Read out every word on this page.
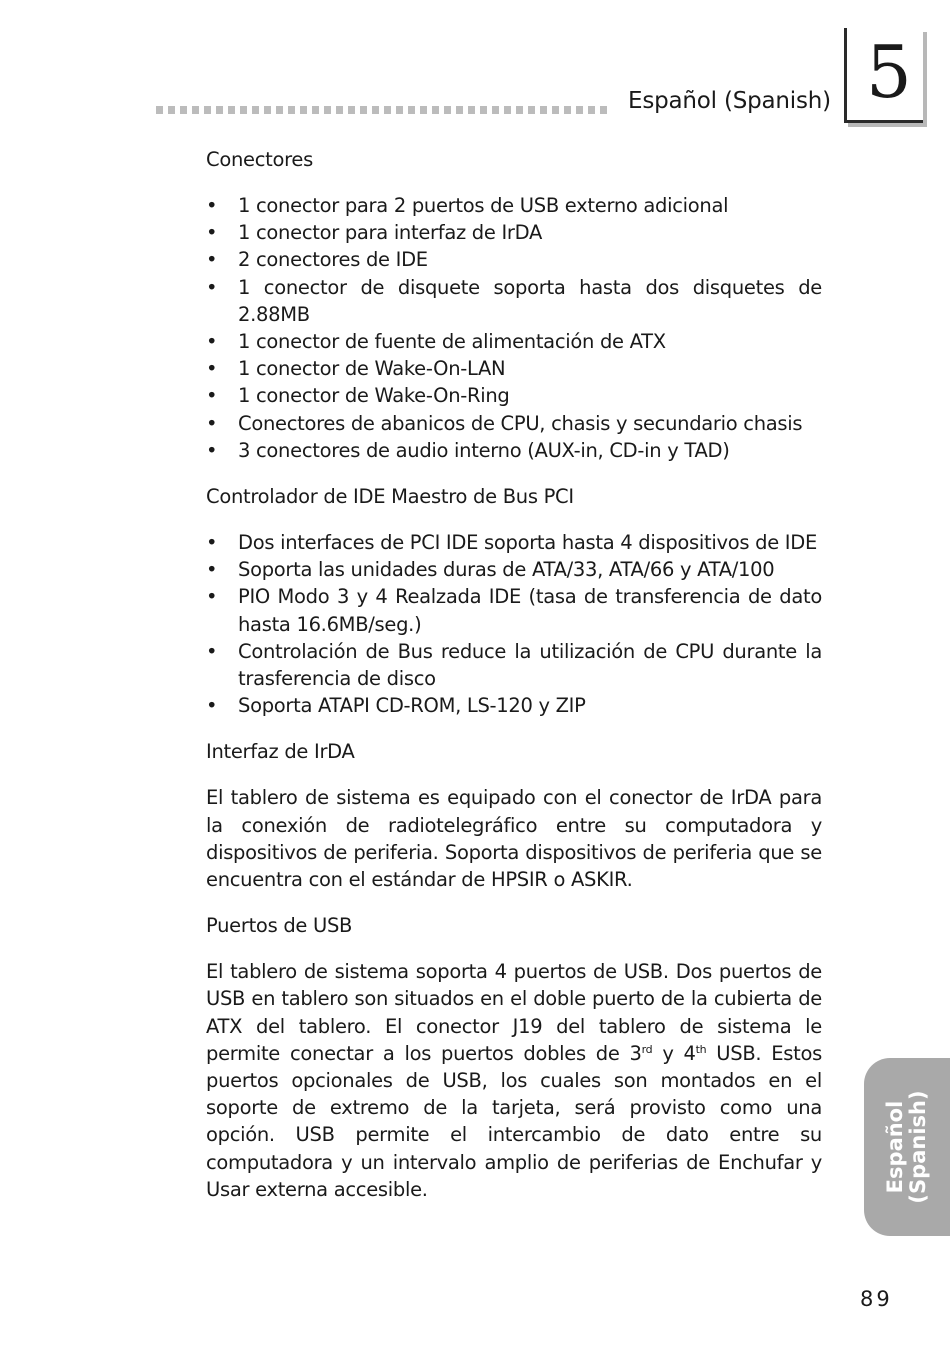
Español (Spanish) 5
Conectores
• 1 conector para 2 puertos de USB externo adicional
• 1 conector para interfaz de IrDA
• 2 conectores de IDE
• 1 conector de disquete soporta hasta dos disquetes de 2.88MB
• 1 conector de fuente de alimentación de ATX
• 1 conector de Wake-On-LAN
• 1 conector de Wake-On-Ring
• Conectores de abanicos de CPU, chasis y secundario chasis
• 3 conectores de audio interno (AUX-in, CD-in y TAD)
Controlador de IDE Maestro de Bus PCI
• Dos interfaces de PCI IDE soporta hasta 4 dispositivos de IDE
• Soporta las unidades duras de ATA/33, ATA/66 y ATA/100
• PIO Modo 3 y 4 Realzada IDE (tasa de transferencia de dato hasta 16.6MB/seg.)
• Controlación de Bus reduce la utilización de CPU durante la trasferencia de disco
• Soporta ATAPI CD-ROM, LS-120 y ZIP
Interfaz de IrDA

El tablero de sistema es equipado con el conector de IrDA para la conexión de radiotelegráfico entre su computadora y dispositivos de periferia. Soporta dispositivos de periferia que se encuentra con el estándar de HPSIR o ASKIR.

Puertos de USB

El tablero de sistema soporta 4 puertos de USB. Dos puertos de USB en tablero son situados en el doble puerto de la cubierta de ATX del tablero. El conector J19 del tablero de sistema le permite conectar a los puertos dobles de 3rd y 4th USB. Estos puertos opcionales de USB, los cuales son montados en el soporte de extremo de la tarjeta, será provisto como una opción. USB permite el intercambio de dato entre su computadora y un intervalo amplio de periferias de Enchufar y Usar externa accesible.	Español (Spanish)
89
